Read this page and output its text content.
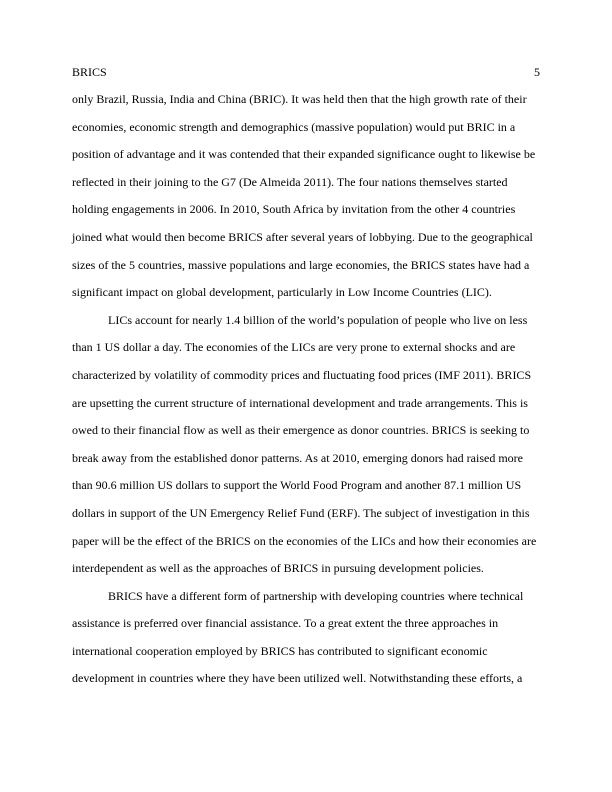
BRICS	5
only Brazil, Russia, India and China (BRIC). It was held then that the high growth rate of their
economies, economic strength and demographics (massive population) would put BRIC in a
position of advantage and it was contended that their expanded significance ought to likewise be
reflected in their joining to the G7 (De Almeida 2011). The four nations themselves started
holding engagements in 2006. In 2010, South Africa by invitation from the other 4 countries
joined what would then become BRICS after several years of lobbying. Due to the geographical
sizes of the 5 countries, massive populations and large economies, the BRICS states have had a
significant impact on global development, particularly in Low Income Countries (LIC).
LICs account for nearly 1.4 billion of the world’s population of people who live on less
than 1 US dollar a day. The economies of the LICs are very prone to external shocks and are
characterized by volatility of commodity prices and fluctuating food prices (IMF 2011). BRICS
are upsetting the current structure of international development and trade arrangements. This is
owed to their financial flow as well as their emergence as donor countries. BRICS is seeking to
break away from the established donor patterns. As at 2010, emerging donors had raised more
than 90.6 million US dollars to support the World Food Program and another 87.1 million US
dollars in support of the UN Emergency Relief Fund (ERF). The subject of investigation in this
paper will be the effect of the BRICS on the economies of the LICs and how their economies are
interdependent as well as the approaches of BRICS in pursuing development policies.
BRICS have a different form of partnership with developing countries where technical
assistance is preferred over financial assistance. To a great extent the three approaches in
international cooperation employed by BRICS has contributed to significant economic
development in countries where they have been utilized well. Notwithstanding these efforts, a
